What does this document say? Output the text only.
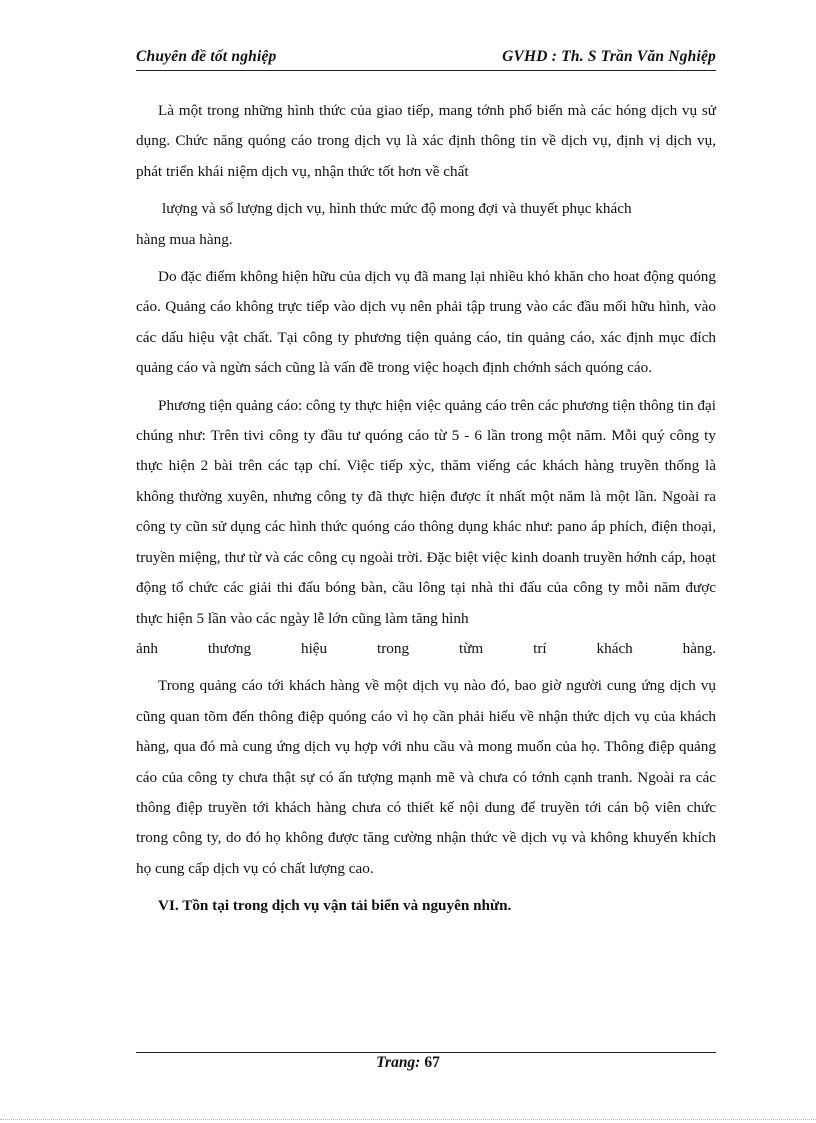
Chuyên đề tốt nghiệp	GVHD : Th. S Trần Văn Nghiệp

Là một trong những hình thức của giao tiếp, mang tớnh phổ biến mà các hóng dịch vụ sử dụng. Chức năng quóng cáo trong dịch vụ là xác định thông tin về dịch vụ, định vị dịch vụ, phát triển khái niệm dịch vụ, nhận thức tốt hơn về chất

lượng và số lượng dịch vụ, hình thức mức độ mong đợi và thuyết phục khách

hàng mua hàng.

Do đặc điểm không hiện hữu của dịch vụ đã mang lại nhiều khó khăn cho hoat động quóng cáo. Quảng cáo không trực tiếp vào dịch vụ nên phải tập trung vào các đầu mối hữu hình, vào các dấu hiệu vật chất. Tại công ty phương tiện quảng cáo, tin quảng cáo, xác định mục đích quảng cáo và ngừn sách cũng là vấn đề trong việc hoạch định chớnh sách quóng cáo.

Phương tiện quảng cáo: công ty thực hiện việc quảng cáo trên các phương tiện thông tin đại chúng như: Trên tivi công ty đầu tư quóng cáo từ 5 - 6 lần trong một năm. Mỗi quý công ty thực hiện 2 bài trên các tạp chí. Việc tiếp xỳc, thăm viếng các khách hàng truyền thống là không thường xuyên, nhưng công ty đã thực hiện được ít nhất một năm là một lần. Ngoài ra công ty cũn sử dụng các hình thức quóng cáo thông dụng khác như: pano áp phích, điện thoại, truyền miệng, thư từ và các công cụ ngoài trời. Đặc biệt việc kinh doanh truyền hớnh cáp, hoạt động tổ chức các giải thi đấu bóng bàn, cầu lông tại nhà thi đấu của công ty mỗi năm được thực hiện 5 lần vào các ngày lễ lớn cũng làm tăng hình

ảnh thương hiệu trong từm trí khách hàng.

Trong quảng cáo tới khách hàng về một dịch vụ nào đó, bao giờ người cung ứng dịch vụ cũng quan tõm đến thông điệp quóng cáo vì họ cần phải hiểu về nhận thức dịch vụ của khách hàng, qua đó mà cung ứng dịch vụ hợp với nhu cầu và mong muốn của họ. Thông điệp quảng cáo của công ty chưa thật sự có ấn tượng mạnh mẽ và chưa có tớnh cạnh tranh. Ngoài ra các thông điệp truyền tới khách hàng chưa có thiết kế nội dung để truyền tới cán bộ viên chức trong công ty, do đó họ không được tăng cường nhận thức về dịch vụ và không khuyến khích họ cung cấp dịch vụ có chất lượng cao.

VI. Tồn tại trong dịch vụ vận tải biển và nguyên nhừn.

Trang: 67
